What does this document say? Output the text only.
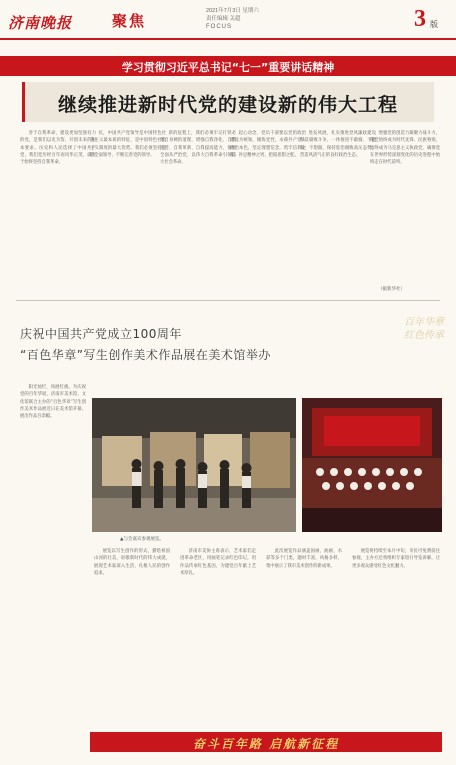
济南晚报	聚焦
2021年7月3日 星期六
责任编辑 关超
FOCUS	3 版
学习贯彻习近平总书记“七一”重要讲话精神
继续推进新时代党的建设新的伟大工程
善于自我革命，建设更加坚强有力的党，是我们以史为鉴、开创未来的根本要求。历史和人民选择了中国共产党，我们党历经百年而风华正茂，就在于始终坚持自我革命。
民，中国共产党领导是中国特色社会主义最本质的特征，是中国特色社会主义制度的最大优势。我们必须坚持党的全面领导，不断完善党的领导。
新的征程上，我们必须牢记打铁必须自身硬的道理，增强自我净化、自我完善、自我革新、自我提高能力，推进全面从严治党，以伟大自我革命引领伟大社会革命。
起心动念、党员干部要以党的政治建设为统领，锤炼党性，永葆共产党人政治本色，坚定理想信念，筑牢信仰之基，补足精神之钙，把稳思想之舵。
进发风展，扎实推进党风廉政建设和反腐败斗争，一体推进不敢腐、不能腐、不想腐，保持惩治腐败高压态势，营造风清气正的良好政治生态。
增强党的创造力凝聚力战斗力，使党始终成为时代先锋、民族脊梁，始终成为马克思主义执政党，确保党在世界形势深刻变化的历史进程中始终走在时代前列。
（据新华社）
庆祝中国共产党成立100周年
“百色华章”写生创作美术作品展在美术馆举办
百年华章
红色传承
阳光灿烂，风展红旗。为庆祝党的百年华诞，济南市美术馆、文化馆联合主办的“百色华章”写生创作美术作品展近日在美术馆开幕，展出作品百余幅。
▲与会嘉宾参观展览。
展览以写生创作的形式，描绘祖国山河的壮美，讴歌新时代的伟大成就，展现艺术家深入生活、扎根人民的创作追求。
济南市美协主席表示，艺术家们走进革命老区，用画笔记录红色印记，用作品传承红色基因，为建党百年献上艺术厚礼。
此次展览作品涵盖国画、油画、水彩等多个门类，题材丰富，风格多样，集中展示了我市美术创作的新成果。
展览将持续至本月中旬，市民可免费前往参观。主办方还将组织专家进行导览讲解，让更多观众感受红色文化魅力。
奋斗百年路 启航新征程
